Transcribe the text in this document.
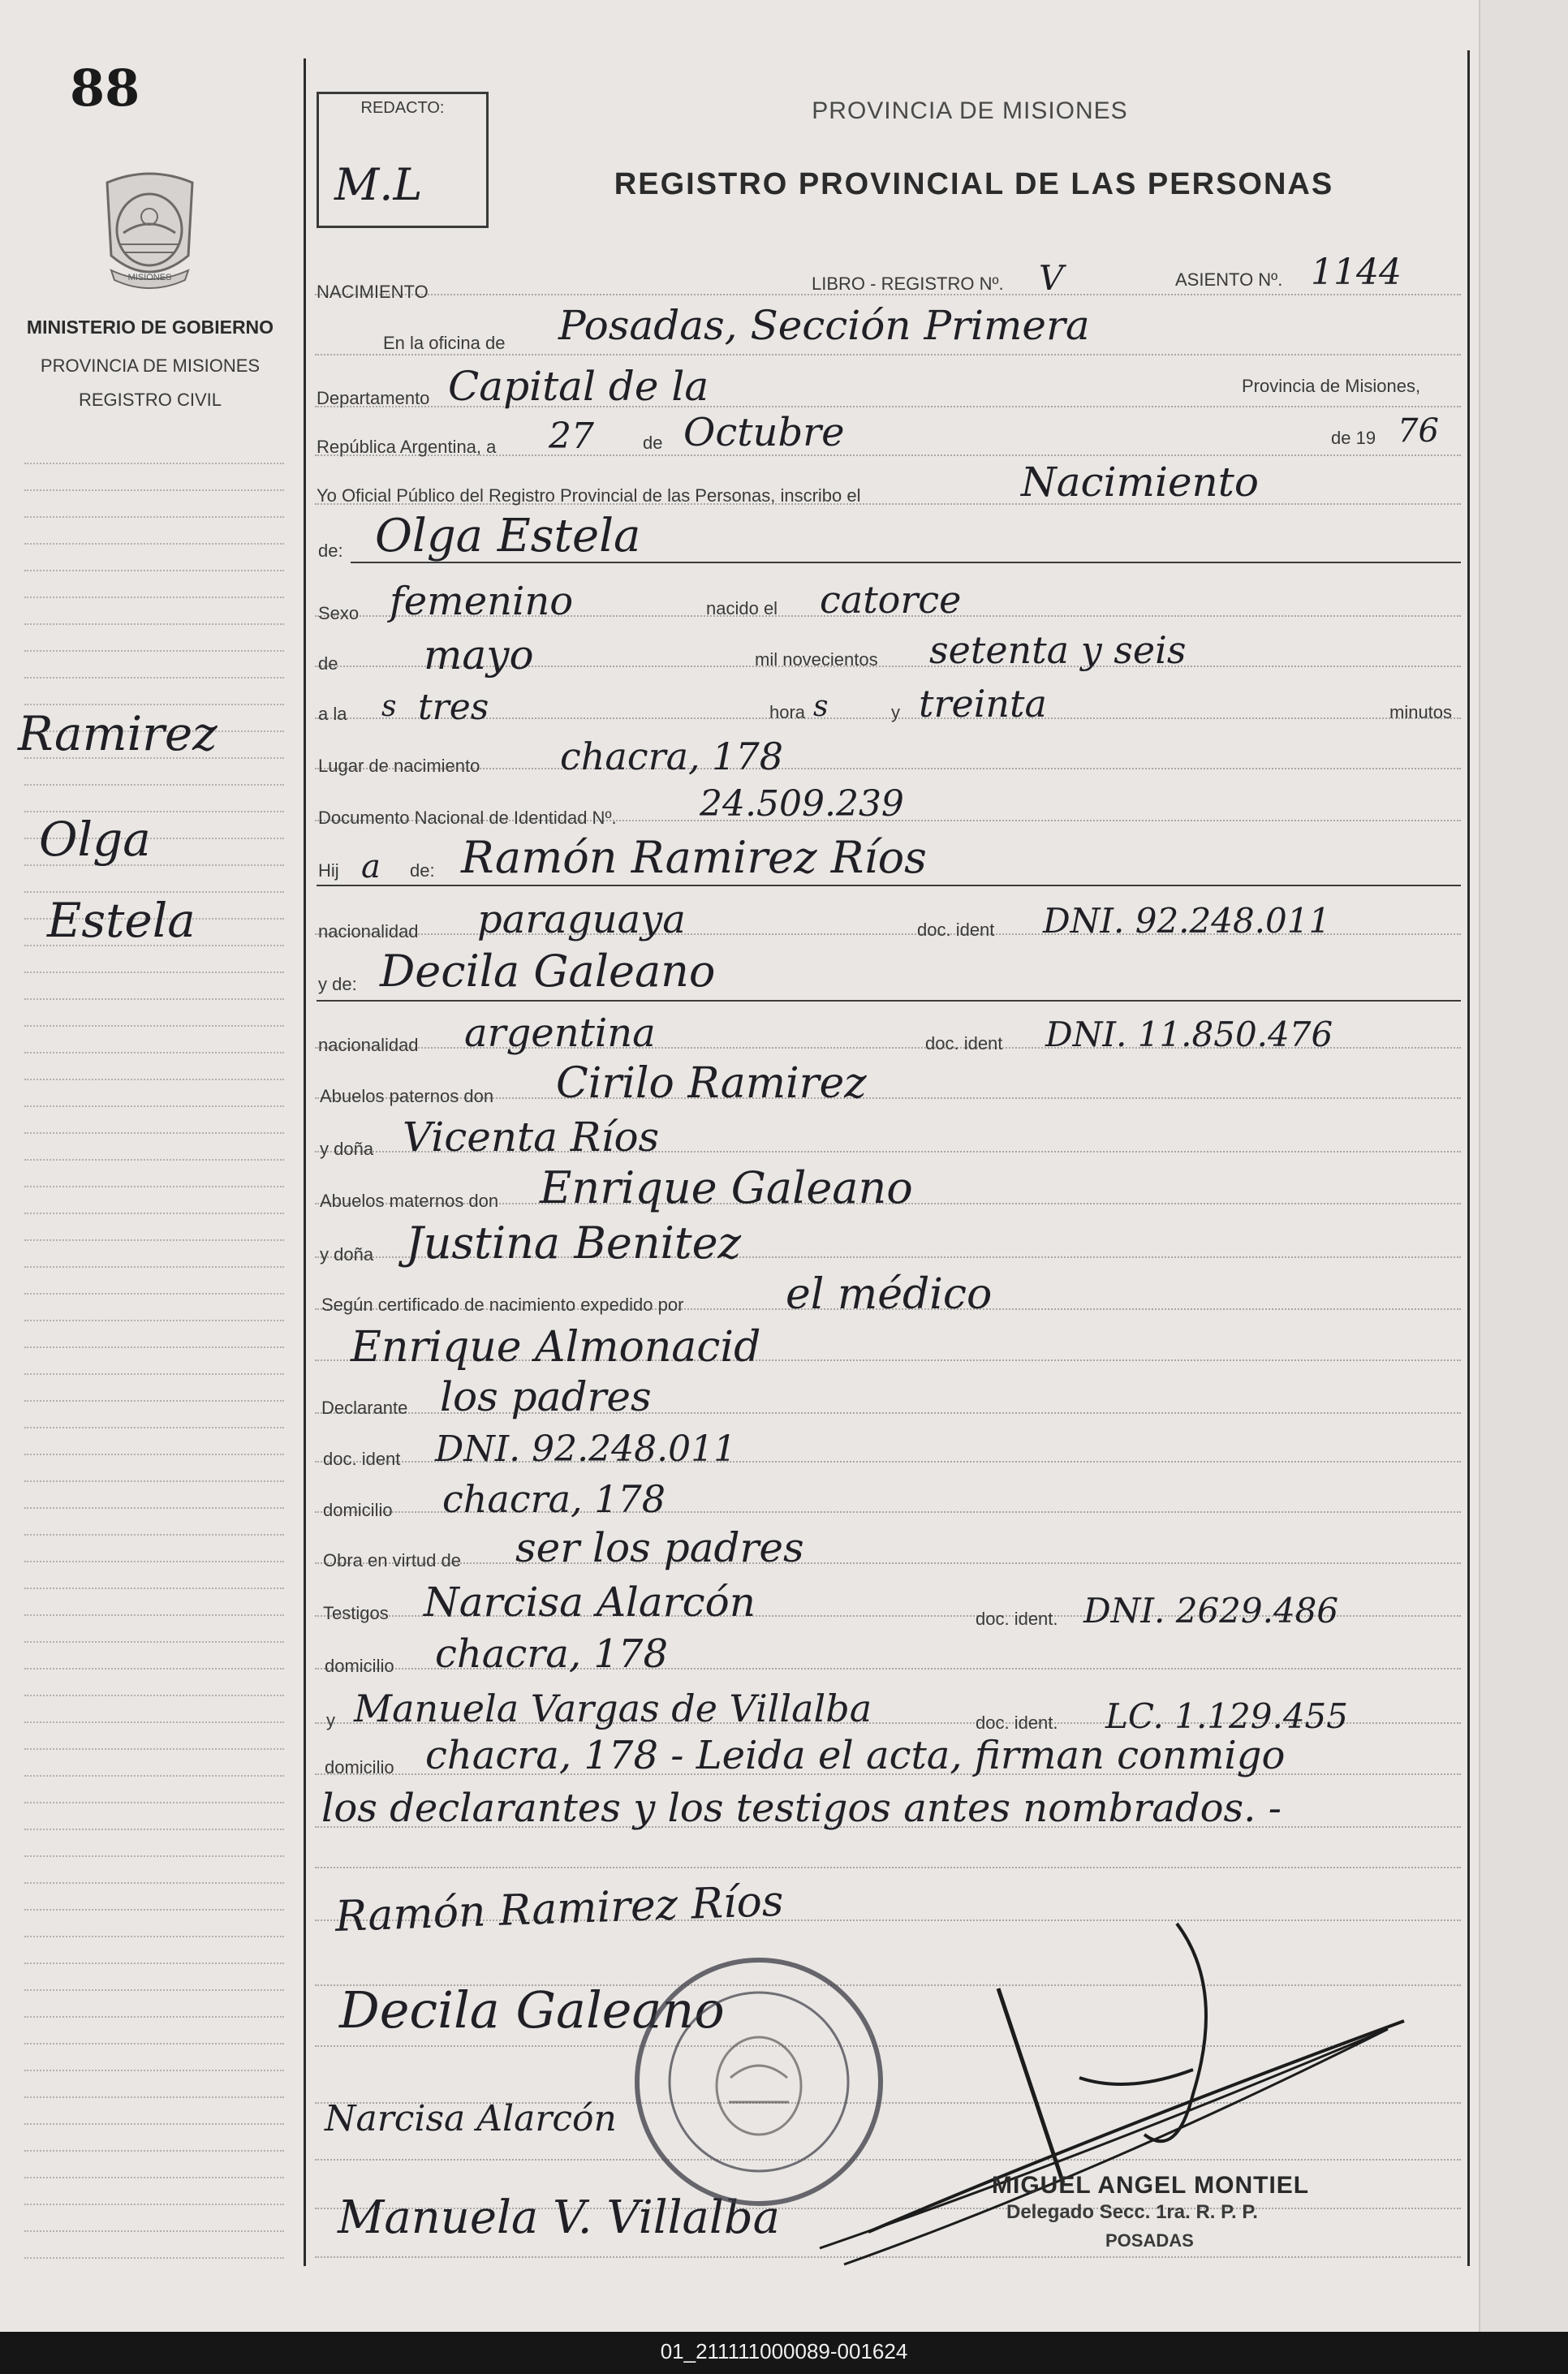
88
MISIONES
MINISTERIO DE GOBIERNO
PROVINCIA DE MISIONES
REGISTRO CIVIL
Ramirez
Olga
Estela
REDACTO:
M.L
PROVINCIA DE MISIONES
REGISTRO PROVINCIAL DE LAS PERSONAS
NACIMIENTO	LIBRO - REGISTRO Nº. V	ASIENTO Nº. 1144
En la oficina de Posadas, Sección Primera
Departamento Capital de la	Provincia de Misiones,
República Argentina, a 27	de Octubre	de 19 76
Yo Oficial Público del Registro Provincial de las Personas, inscribo el	Nacimiento
de: Olga Estela
Sexo femenino	nacido el catorce
de mayo	mil novecientos setenta y seis
a la s tres	hora s	y treinta	minutos
Lugar de nacimiento chacra, 178
Documento Nacional de Identidad Nº. 24.509.239
Hij a de: Ramón Ramirez Ríos
nacionalidad paraguaya	doc. ident DNI. 92.248.011
y de: Decila Galeano
nacionalidad argentina	doc. ident DNI. 11.850.476
Abuelos paternos don Cirilo Ramirez
y doña Vicenta Ríos
Abuelos maternos don Enrique Galeano
y doña Justina Benitez
Según certificado de nacimiento expedido por el médico
Enrique Almonacid
Declarante los padres
doc. ident DNI. 92.248.011
domicilio chacra, 178
Obra en virtud de ser los padres
Testigos Narcisa Alarcón	doc. ident. DNI. 2629.486
domicilio chacra, 178
y Manuela Vargas de Villalba	doc. ident. LC. 1.129.455
domicilio chacra, 178 - Leida el acta, firman conmigo
los declarantes y los testigos antes nombrados. -
Ramón Ramirez Ríos
Decila Galeano
Narcisa Alarcón
Manuela V. Villalba
MIGUEL ANGEL MONTIEL
Delegado Secc. 1ra. R. P. P.
POSADAS
01_211111000089-001624
